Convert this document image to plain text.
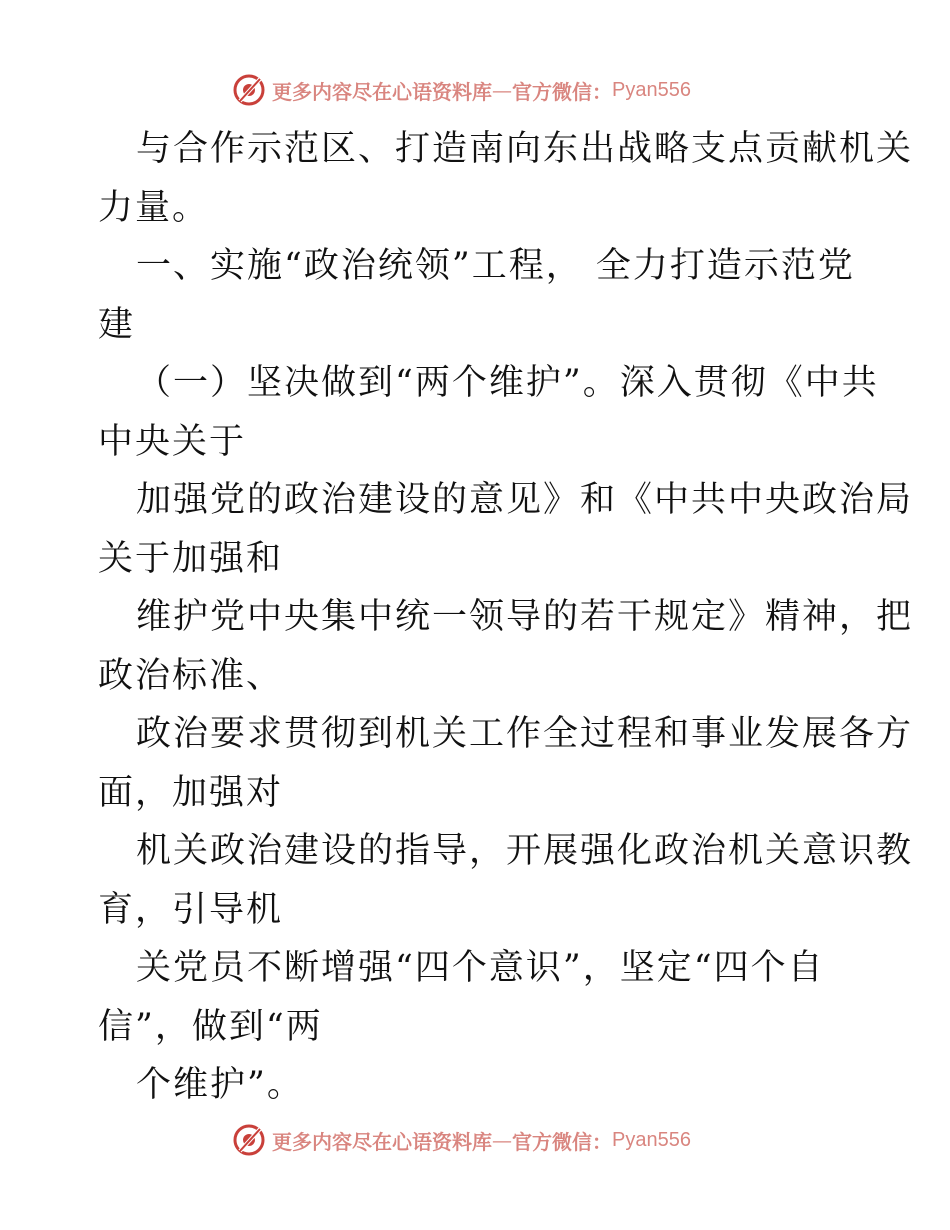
更多内容尽在心语资料库 — 官方微信： Pyan556
与合作示范区、打造南向东出战略支点贡献机关
力量。
一、实施“政治统领”工程， 全力打造示范党
建
（一）坚决做到“两个维护”。深入贯彻《中共
中央关于
加强党的政治建设的意见》和《中共中央政治局
关于加强和
维护党中央集中统一领导的若干规定》精神，把
政治标准、
政治要求贯彻到机关工作全过程和事业发展各方
面，加强对
机关政治建设的指导，开展强化政治机关意识教
育，引导机
关党员不断增强“四个意识”，坚定“四个自
信”，做到“两
个维护”。
更多内容尽在心语资料库 — 官方微信： Pyan556
